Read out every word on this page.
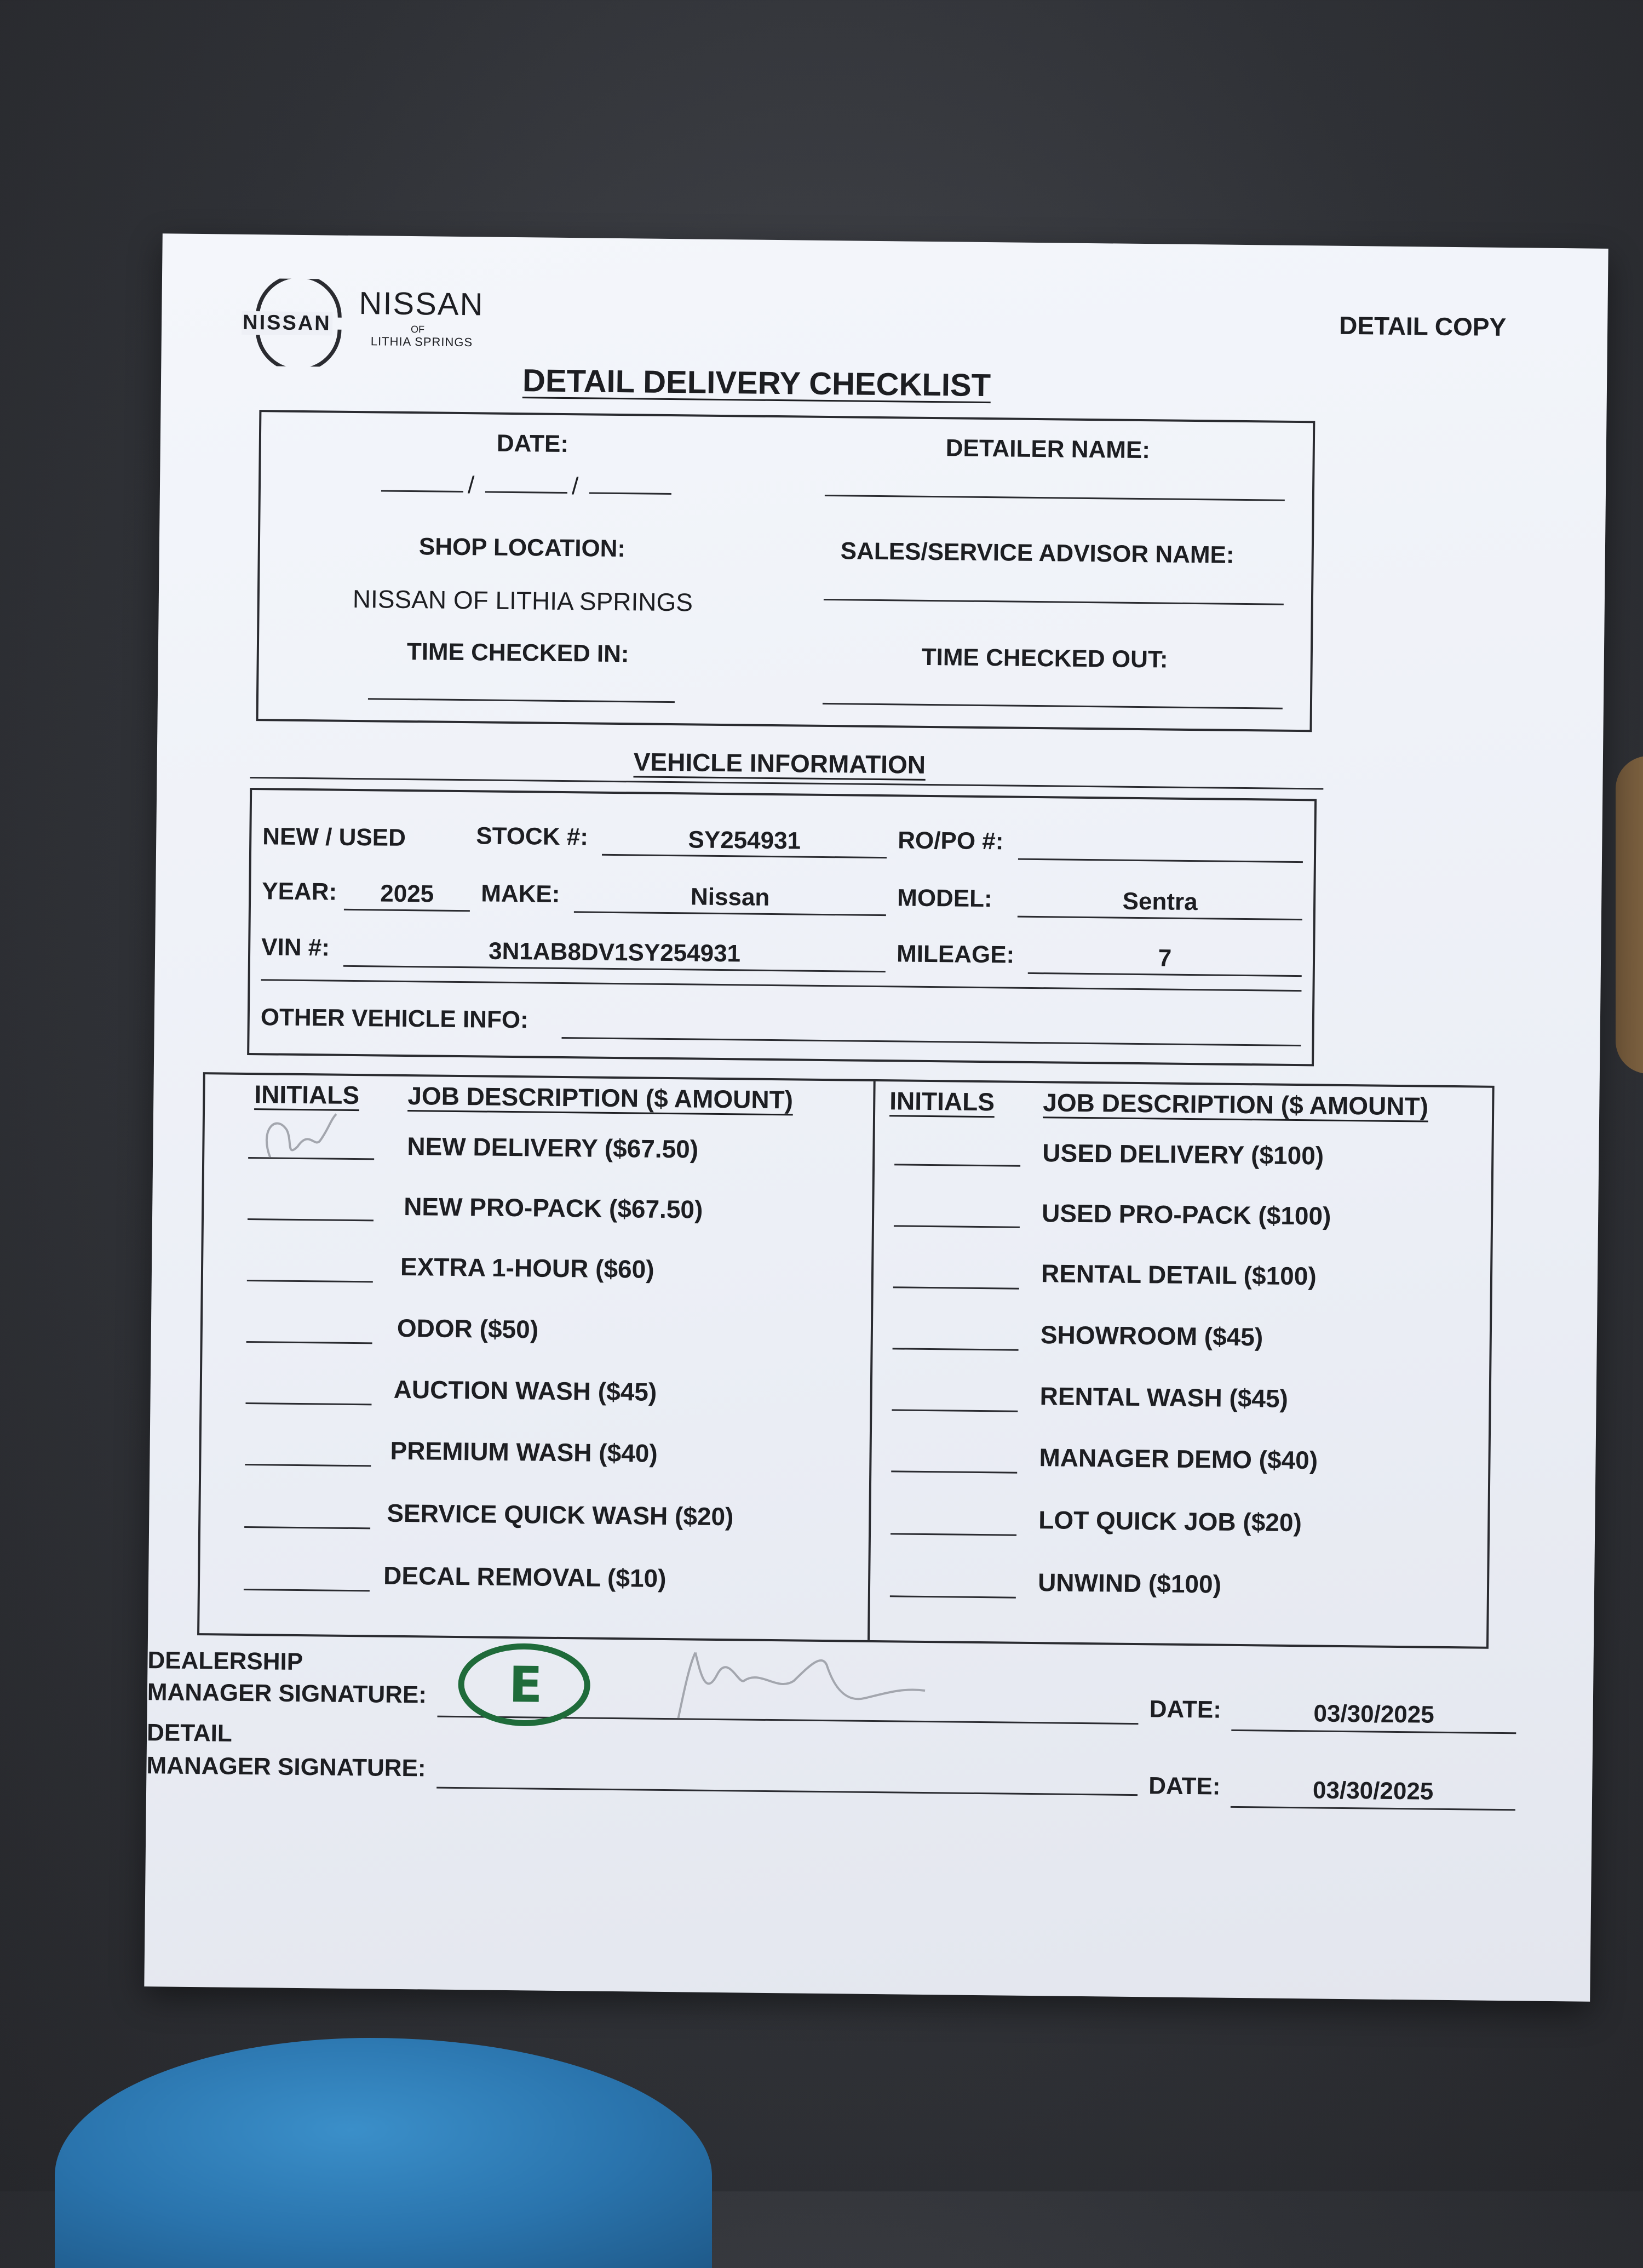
NISSAN
NISSAN
OF
LITHIA SPRINGS
DETAIL COPY
DETAIL DELIVERY CHECKLIST
DATE:
/	/
DETAILER NAME:
SHOP LOCATION:
NISSAN OF LITHIA SPRINGS
SALES/SERVICE ADVISOR NAME:
TIME CHECKED IN:	TIME CHECKED OUT:
VEHICLE INFORMATION
NEW / USED	STOCK #:	SY254931	RO/PO #:
YEAR:	2025	MAKE:	Nissan	MODEL:	Sentra
VIN #:	3N1AB8DV1SY254931	MILEAGE:	7
OTHER VEHICLE INFO:
INITIALS JOB DESCRIPTION ($ AMOUNT)	INITIALS JOB DESCRIPTION ($ AMOUNT)
NEW DELIVERY ($67.50)
NEW PRO-PACK ($67.50)
EXTRA 1-HOUR ($60)
ODOR ($50)
AUCTION WASH ($45)
PREMIUM WASH ($40)
SERVICE QUICK WASH ($20)
DECAL REMOVAL ($10)
USED DELIVERY ($100)
USED PRO-PACK ($100)
RENTAL DETAIL ($100)
SHOWROOM ($45)
RENTAL WASH ($45)
MANAGER DEMO ($40)
LOT QUICK JOB ($20)
UNWIND ($100)
DEALERSHIP
MANAGER SIGNATURE: E	DATE:	03/30/2025
DETAIL
MANAGER SIGNATURE:
DATE:	03/30/2025
